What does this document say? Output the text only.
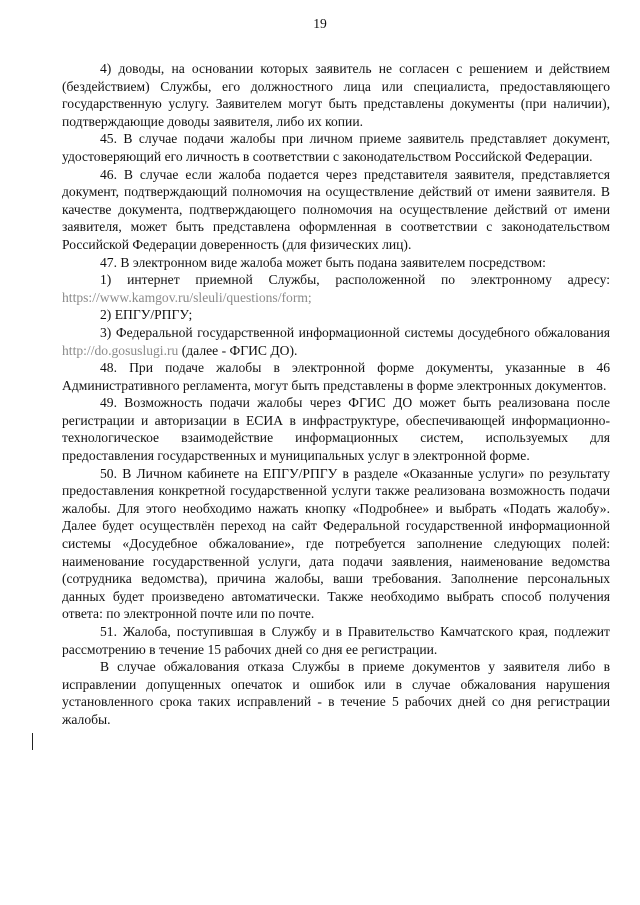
19

4) доводы, на основании которых заявитель не согласен с решением и действием (бездействием) Службы, его должностного лица или специалиста, предоставляющего государственную услугу. Заявителем могут быть представлены документы (при наличии), подтверждающие доводы заявителя, либо их копии.

45. В случае подачи жалобы при личном приеме заявитель представляет документ, удостоверяющий его личность в соответствии с законодательством Российской Федерации.

46. В случае если жалоба подается через представителя заявителя, представляется документ, подтверждающий полномочия на осуществление действий от имени заявителя. В качестве документа, подтверждающего полномочия на осуществление действий от имени заявителя, может быть представлена оформленная в соответствии с законодательством Российской Федерации доверенность (для физических лиц).

47. В электронном виде жалоба может быть подана заявителем посредством:

1) интернет приемной Службы, расположенной по электронному адресу: https://www.kamgov.ru/sleuli/questions/form;

2) ЕПГУ/РПГУ;

3) Федеральной государственной информационной системы досудебного обжалования http://do.gosuslugi.ru (далее - ФГИС ДО).

48. При подаче жалобы в электронной форме документы, указанные в 46 Административного регламента, могут быть представлены в форме электронных документов.

49. Возможность подачи жалобы через ФГИС ДО может быть реализована после регистрации и авторизации в ЕСИА в инфраструктуре, обеспечивающей информационно-технологическое взаимодействие информационных систем, используемых для предоставления государственных и муниципальных услуг в электронной форме.

50. В Личном кабинете на ЕПГУ/РПГУ в разделе «Оказанные услуги» по результату предоставления конкретной государственной услуги также реализована возможность подачи жалобы. Для этого необходимо нажать кнопку «Подробнее» и выбрать «Подать жалобу». Далее будет осуществлён переход на сайт Федеральной государственной информационной системы «Досудебное обжалование», где потребуется заполнение следующих полей: наименование государственной услуги, дата подачи заявления, наименование ведомства (сотрудника ведомства), причина жалобы, ваши требования. Заполнение персональных данных будет произведено автоматически. Также необходимо выбрать способ получения ответа: по электронной почте или по почте.

51. Жалоба, поступившая в Службу и в Правительство Камчатского края, подлежит рассмотрению в течение 15 рабочих дней со дня ее регистрации.

В случае обжалования отказа Службы в приеме документов у заявителя либо в исправлении допущенных опечаток и ошибок или в случае обжалования нарушения установленного срока таких исправлений - в течение 5 рабочих дней со дня регистрации жалобы.
